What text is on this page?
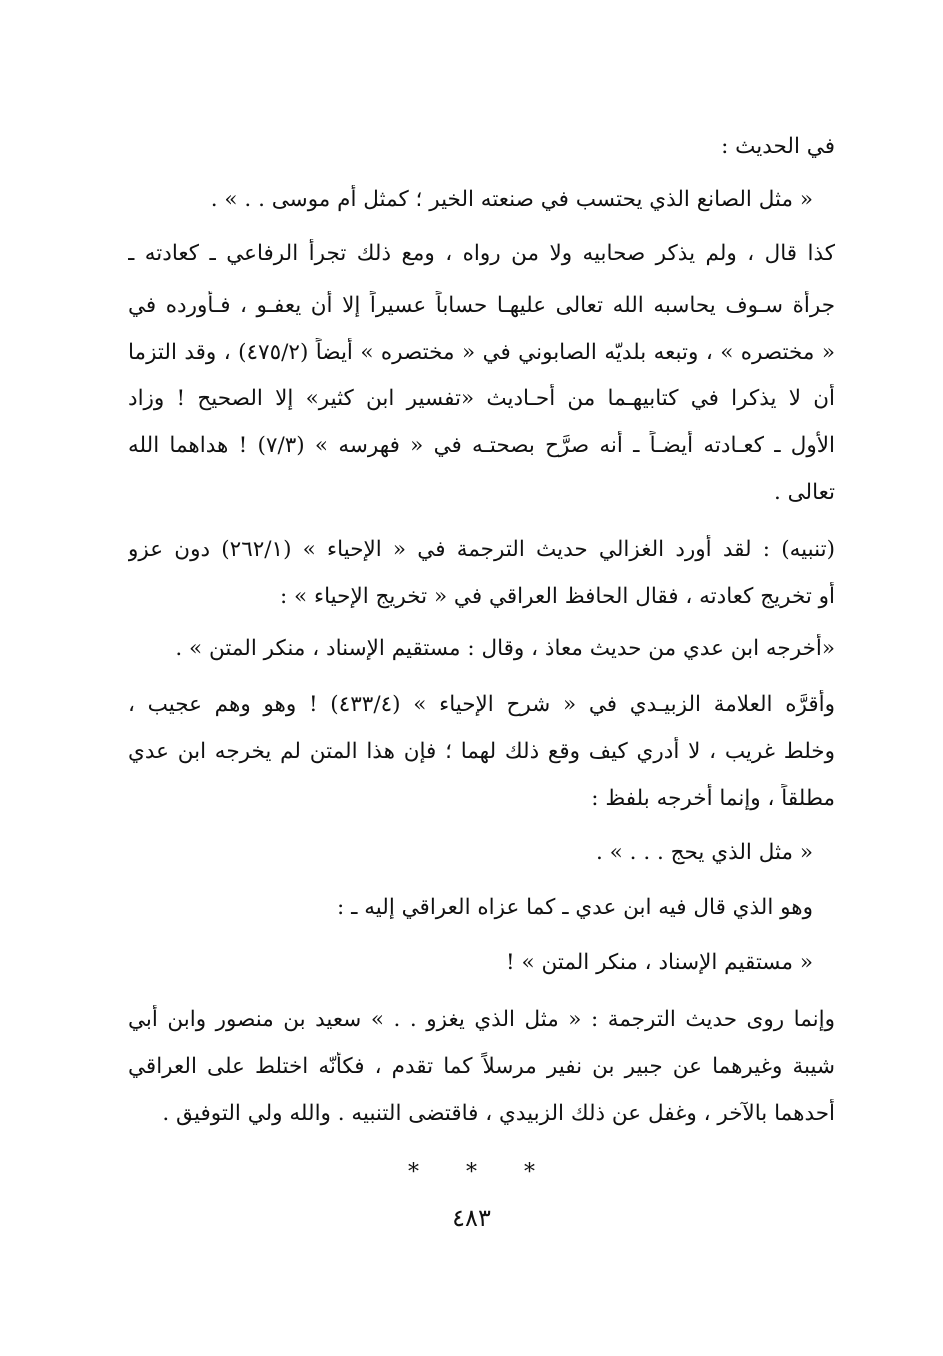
في الحديث :
« مثل الصانع الذي يحتسب في صنعته الخير ؛ كمثل أم موسى . . » .
كذا قال ، ولم يذكر صحابيه ولا من رواه ، ومع ذلك تجرأ الرفاعي ـ كعادته ـ
جرأة سـوف يحاسبه الله تعالى عليهـا حساباً عسيراً إلا أن يعفـو ، فـأورده في
« مختصره » ، وتبعه بلديّه الصابوني في « مختصره » أيضاً (٤٧٥/٢) ، وقد التزما
أن لا يذكرا في كتابيهـما من أحـاديث «تفسير ابن كثير» إلا الصحيح ! وزاد
الأول ـ كعـادته أيضـاً ـ أنه صرَّح بصحتـه في « فهرسه » (٧/٣) ! هداهما الله
تعالى .
(تنبيه) : لقد أورد الغزالي حديث الترجمة في « الإحياء » (٢٦٢/١) دون عزو
أو تخريج كعادته ، فقال الحافظ العراقي في « تخريج الإحياء » :
«أخرجه ابن عدي من حديث معاذ ، وقال : مستقيم الإسناد ، منكر المتن » .
وأقرَّه العلامة الزبيـدي في « شرح الإحياء » (٤٣٣/٤) ! وهو وهم عجيب ،
وخلط غريب ، لا أدري كيف وقع ذلك لهما ؛ فإن هذا المتن لم يخرجه ابن عدي
مطلقاً ، وإنما أخرجه بلفظ :
« مثل الذي يحج . . . » .
وهو الذي قال فيه ابن عدي ـ كما عزاه العراقي إليه ـ :
« مستقيم الإسناد ، منكر المتن » !
وإنما روى حديث الترجمة : « مثل الذي يغزو . . » سعيد بن منصور وابن أبي
شيبة وغيرهما عن جبير بن نفير مرسلاً كما تقدم ، فكأنّه اختلط على العراقي
أحدهما بالآخر ، وغفل عن ذلك الزبيدي ، فاقتضى التنبيه . والله ولي التوفيق .
* * *
٤٨٣
